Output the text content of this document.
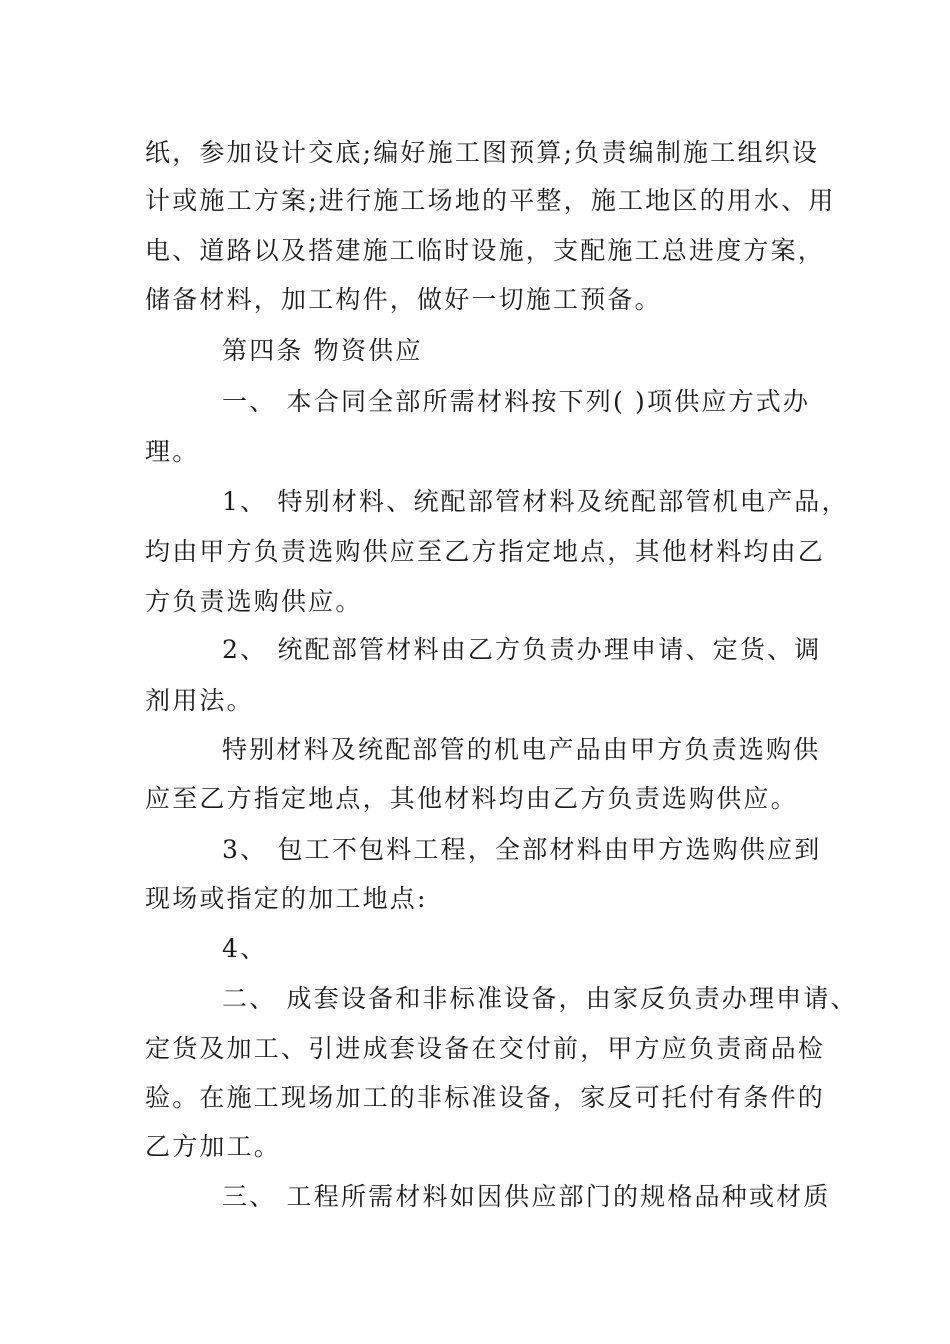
纸，参加设计交底;编好施工图预算;负责编制施工组织设
计或施工方案;进行施工场地的平整，施工地区的用水、用
电、道路以及搭建施工临时设施，支配施工总进度方案，
储备材料，加工构件，做好一切施工预备。
第四条 物资供应
一、 本合同全部所需材料按下列( )项供应方式办
理。
1、 特别材料、统配部管材料及统配部管机电产品，
均由甲方负责选购供应至乙方指定地点，其他材料均由乙
方负责选购供应。
2、 统配部管材料由乙方负责办理申请、定货、调
剂用法。
特别材料及统配部管的机电产品由甲方负责选购供
应至乙方指定地点，其他材料均由乙方负责选购供应。
3、 包工不包料工程，全部材料由甲方选购供应到
现场或指定的加工地点:
4、
二、 成套设备和非标准设备，由家反负责办理申请、
定货及加工、引进成套设备在交付前，甲方应负责商品检
验。在施工现场加工的非标准设备，家反可托付有条件的
乙方加工。
三、 工程所需材料如因供应部门的规格品种或材质
